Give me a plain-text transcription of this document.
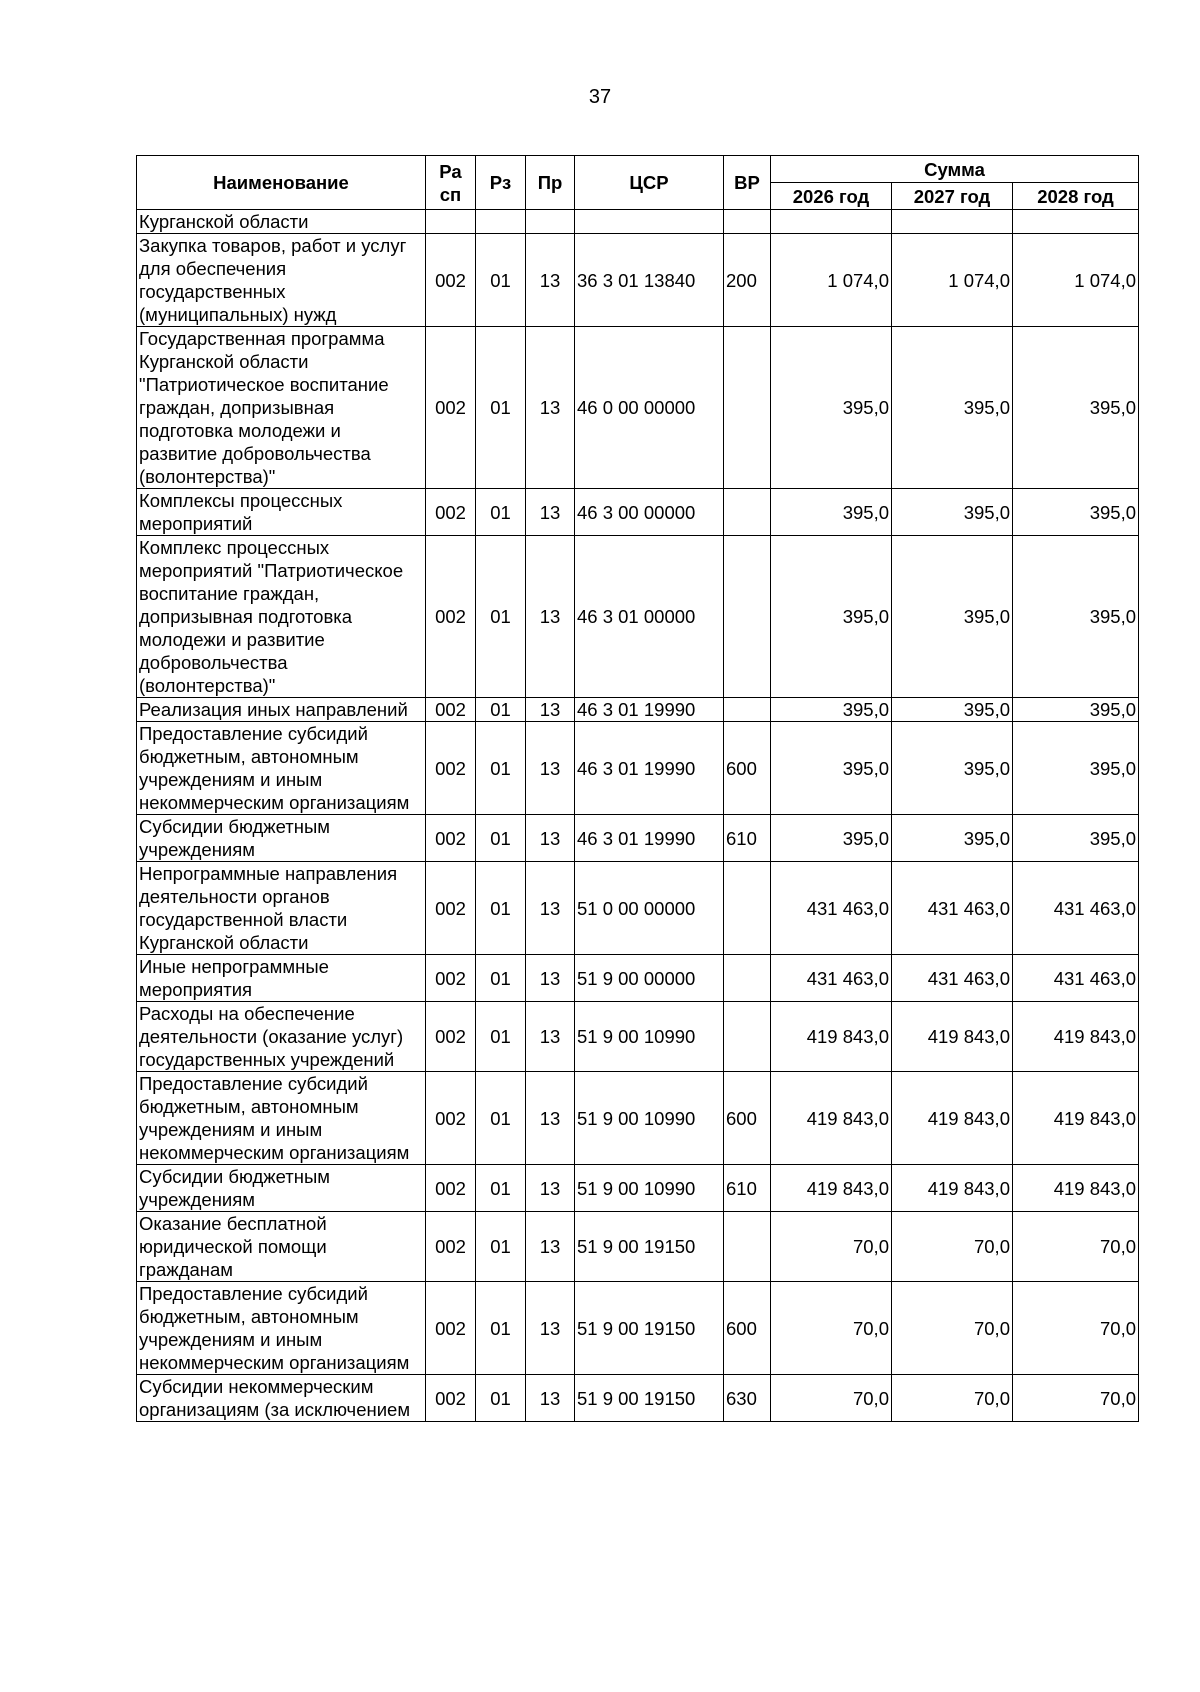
37
Наименование	Ра сп	Рз	Пр	ЦСР	ВР	Сумма		
						2026 год	2027 год	2028 год
Курганской области								
Закупка товаров, работ и услуг для обеспечения государственных (муниципальных) нужд	002	01	13	36 3 01 13840	200	1 074,0	1 074,0	1 074,0
Государственная программа Курганской области "Патриотическое воспитание граждан, допризывная подготовка молодежи и развитие добровольчества (волонтерства)"	002	01	13	46 0 00 00000		395,0	395,0	395,0
Комплексы процессных мероприятий	002	01	13	46 3 00 00000		395,0	395,0	395,0
Комплекс процессных мероприятий "Патриотическое воспитание граждан, допризывная подготовка молодежи и развитие добровольчества (волонтерства)"	002	01	13	46 3 01 00000		395,0	395,0	395,0
Реализация иных направлений	002	01	13	46 3 01 19990		395,0	395,0	395,0
Предоставление субсидий бюджетным, автономным учреждениям и иным некоммерческим организациям	002	01	13	46 3 01 19990	600	395,0	395,0	395,0
Субсидии бюджетным учреждениям	002	01	13	46 3 01 19990	610	395,0	395,0	395,0
Непрограммные направления деятельности органов государственной власти Курганской области	002	01	13	51 0 00 00000		431 463,0	431 463,0	431 463,0
Иные непрограммные мероприятия	002	01	13	51 9 00 00000		431 463,0	431 463,0	431 463,0
Расходы на обеспечение деятельности (оказание услуг) государственных учреждений	002	01	13	51 9 00 10990		419 843,0	419 843,0	419 843,0
Предоставление субсидий бюджетным, автономным учреждениям и иным некоммерческим организациям	002	01	13	51 9 00 10990	600	419 843,0	419 843,0	419 843,0
Субсидии бюджетным учреждениям	002	01	13	51 9 00 10990	610	419 843,0	419 843,0	419 843,0
Оказание бесплатной юридической помощи гражданам	002	01	13	51 9 00 19150		70,0	70,0	70,0
Предоставление субсидий бюджетным, автономным учреждениям и иным некоммерческим организациям	002	01	13	51 9 00 19150	600	70,0	70,0	70,0
Субсидии некоммерческим организациям (за исключением	002	01	13	51 9 00 19150	630	70,0	70,0	70,0
